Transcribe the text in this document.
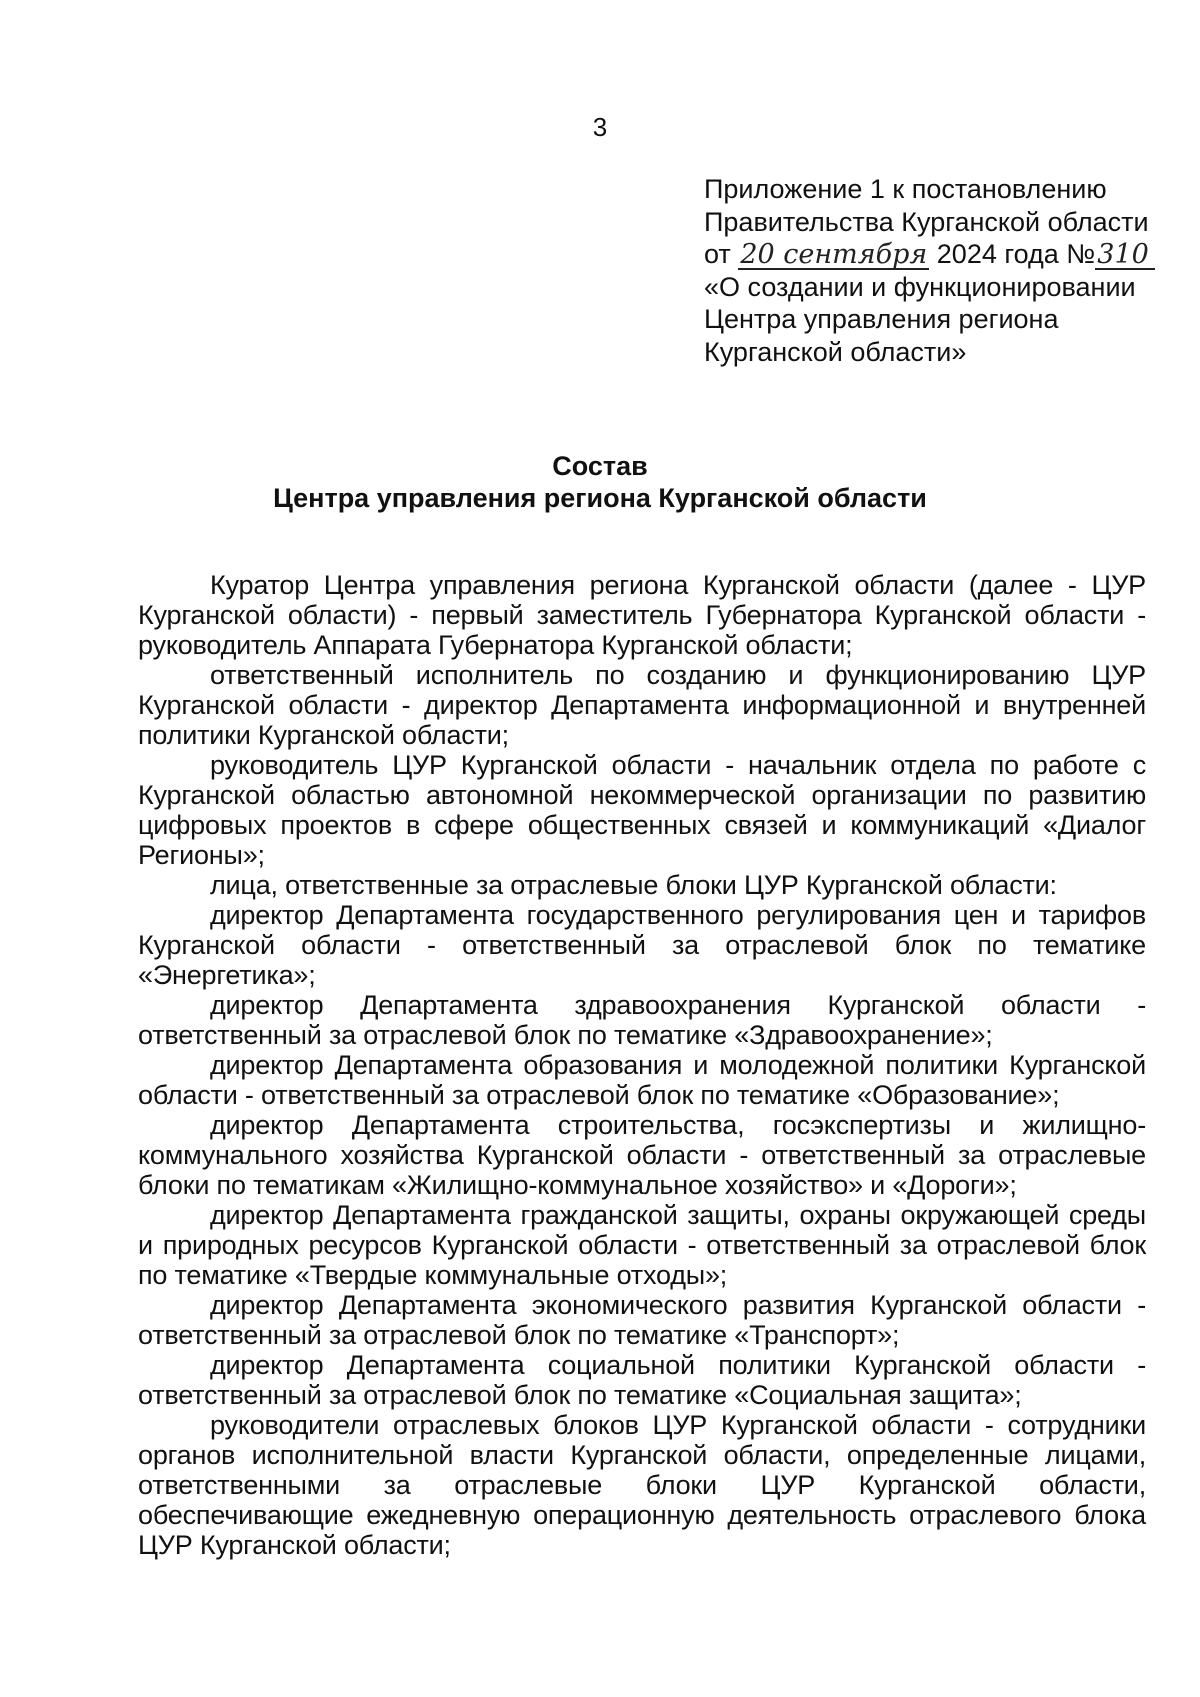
3
Приложение 1 к постановлению
Правительства Курганской области
от 20 сентября 2024 года №310
«О создании и функционировании
Центра управления региона
Курганской области»
Состав
Центра управления региона Курганской области

Куратор Центра управления региона Курганской области (далее - ЦУР Курганской области) - первый заместитель Губернатора Курганской области - руководитель Аппарата Губернатора Курганской области;

ответственный исполнитель по созданию и функционированию ЦУР Курганской области - директор Департамента информационной и внутренней политики Курганской области;

руководитель ЦУР Курганской области - начальник отдела по работе с Курганской областью автономной некоммерческой организации по развитию цифровых проектов в сфере общественных связей и коммуникаций «Диалог Регионы»;

лица, ответственные за отраслевые блоки ЦУР Курганской области:

директор Департамента государственного регулирования цен и тарифов Курганской области - ответственный за отраслевой блок по тематике «Энергетика»;

директор Департамента здравоохранения Курганской области - ответственный за отраслевой блок по тематике «Здравоохранение»;

директор Департамента образования и молодежной политики Курганской области - ответственный за отраслевой блок по тематике «Образование»;

директор Департамента строительства, госэкспертизы и жилищно-коммунального хозяйства Курганской области - ответственный за отраслевые блоки по тематикам «Жилищно-коммунальное хозяйство» и «Дороги»;

директор Департамента гражданской защиты, охраны окружающей среды и природных ресурсов Курганской области - ответственный за отраслевой блок по тематике «Твердые коммунальные отходы»;

директор Департамента экономического развития Курганской области - ответственный за отраслевой блок по тематике «Транспорт»;

директор Департамента социальной политики Курганской области - ответственный за отраслевой блок по тематике «Социальная защита»;

руководители отраслевых блоков ЦУР Курганской области - сотрудники органов исполнительной власти Курганской области, определенные лицами, ответственными за отраслевые блоки ЦУР Курганской области, обеспечивающие ежедневную операционную деятельность отраслевого блока ЦУР Курганской области;
